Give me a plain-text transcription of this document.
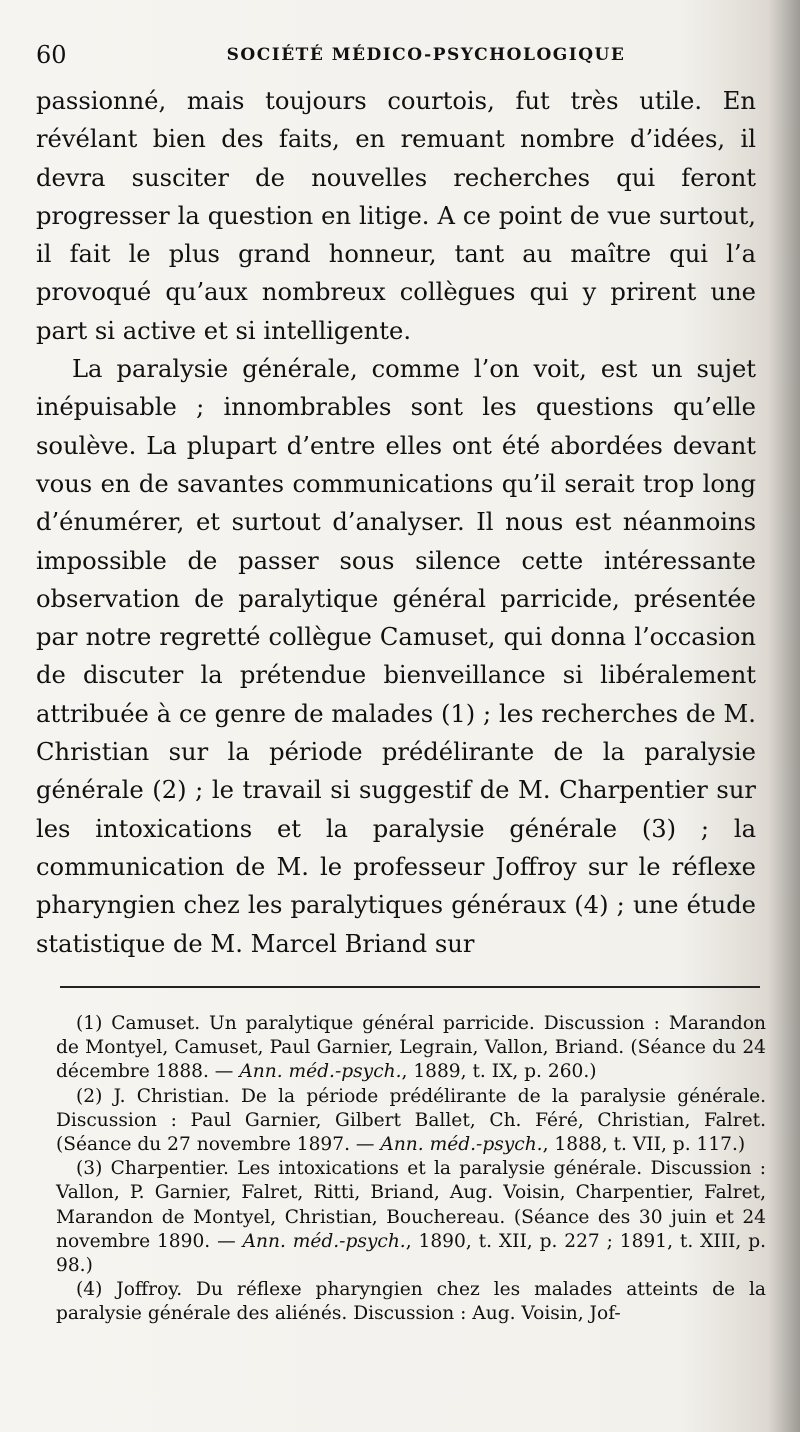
60	SOCIÉTÉ MÉDICO-PSYCHOLOGIQUE

passionné, mais toujours courtois, fut très utile. En révélant bien des faits, en remuant nombre d’idées, il devra susciter de nouvelles recherches qui feront progresser la question en litige. A ce point de vue surtout, il fait le plus grand honneur, tant au maître qui l’a provoqué qu’aux nombreux collègues qui y prirent une part si active et si intelligente.

La paralysie générale, comme l’on voit, est un sujet inépuisable ; innombrables sont les questions qu’elle soulève. La plupart d’entre elles ont été abordées devant vous en de savantes communications qu’il serait trop long d’énumérer, et surtout d’analyser. Il nous est néanmoins impossible de passer sous silence cette intéressante observation de paralytique général parricide, présentée par notre regretté collègue Camuset, qui donna l’occasion de discuter la prétendue bienveillance si libéralement attribuée à ce genre de malades (1) ; les recherches de M. Christian sur la période prédélirante de la paralysie générale (2) ; le travail si suggestif de M. Charpentier sur les intoxications et la paralysie générale (3) ; la communication de M. le professeur Joffroy sur le réflexe pharyngien chez les paralytiques généraux (4) ; une étude statistique de M. Marcel Briand sur

(1) Camuset. Un paralytique général parricide. Discussion : Marandon de Montyel, Camuset, Paul Garnier, Legrain, Vallon, Briand. (Séance du 24 décembre 1888. — Ann. méd.-psych., 1889, t. IX, p. 260.)

(2) J. Christian. De la période prédélirante de la paralysie générale. Discussion : Paul Garnier, Gilbert Ballet, Ch. Féré, Christian, Falret. (Séance du 27 novembre 1897. — Ann. méd.-psych., 1888, t. VII, p. 117.)

(3) Charpentier. Les intoxications et la paralysie générale. Discussion : Vallon, P. Garnier, Falret, Ritti, Briand, Aug. Voisin, Charpentier, Falret, Marandon de Montyel, Christian, Bouchereau. (Séance des 30 juin et 24 novembre 1890. — Ann. méd.-psych., 1890, t. XII, p. 227 ; 1891, t. XIII, p. 98.)

(4) Joffroy. Du réflexe pharyngien chez les malades atteints de la paralysie générale des aliénés. Discussion : Aug. Voisin, Jof-
